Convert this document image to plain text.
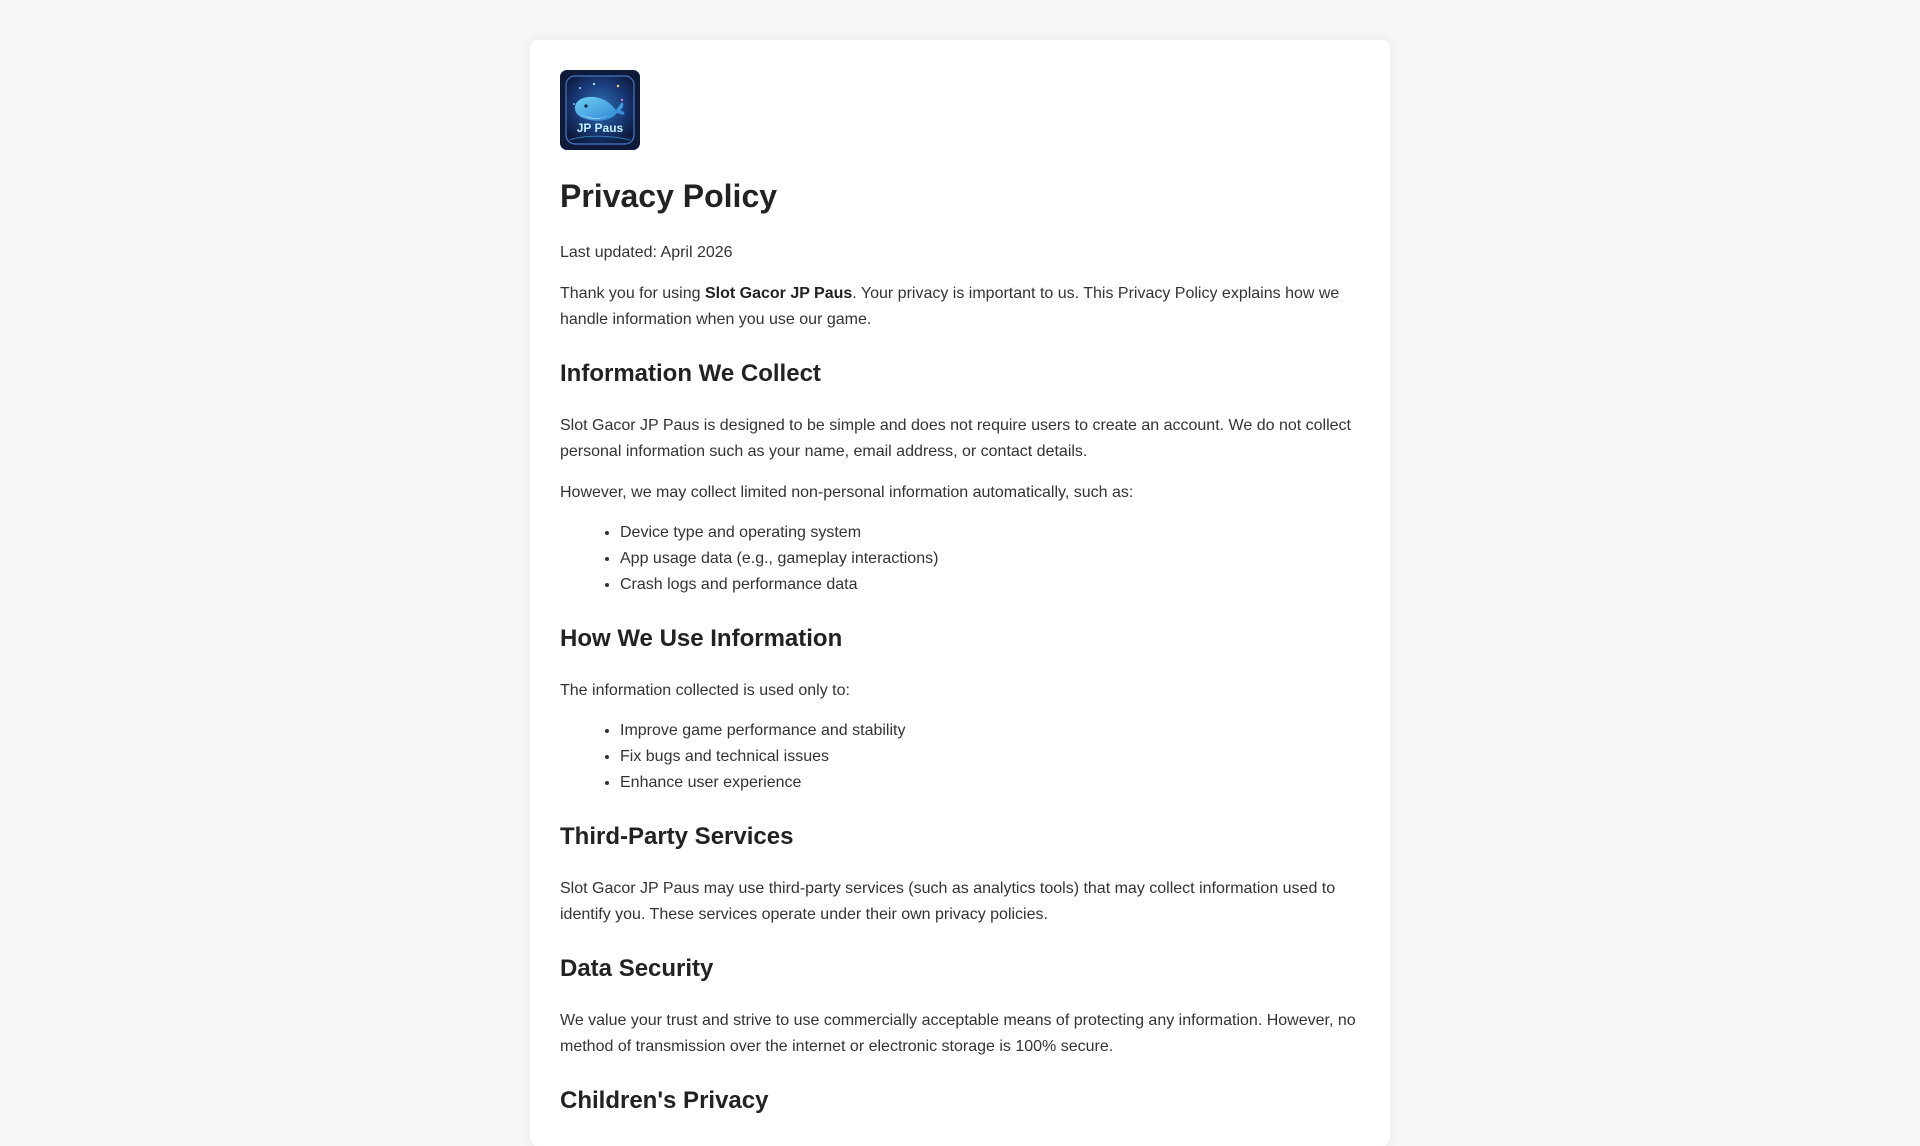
JP Paus
Privacy Policy

Last updated: April 2026

Thank you for using Slot Gacor JP Paus. Your privacy is important to us. This Privacy Policy explains how we handle information when you use our game.

Information We Collect

Slot Gacor JP Paus is designed to be simple and does not require users to create an account. We do not collect personal information such as your name, email address, or contact details.

However, we may collect limited non-personal information automatically, such as:

• Device type and operating system
• App usage data (e.g., gameplay interactions)
• Crash logs and performance data
How We Use Information

The information collected is used only to:

• Improve game performance and stability
• Fix bugs and technical issues
• Enhance user experience
Third-Party Services

Slot Gacor JP Paus may use third-party services (such as analytics tools) that may collect information used to identify you. These services operate under their own privacy policies.

Data Security

We value your trust and strive to use commercially acceptable means of protecting any information. However, no method of transmission over the internet or electronic storage is 100% secure.

Children's Privacy
